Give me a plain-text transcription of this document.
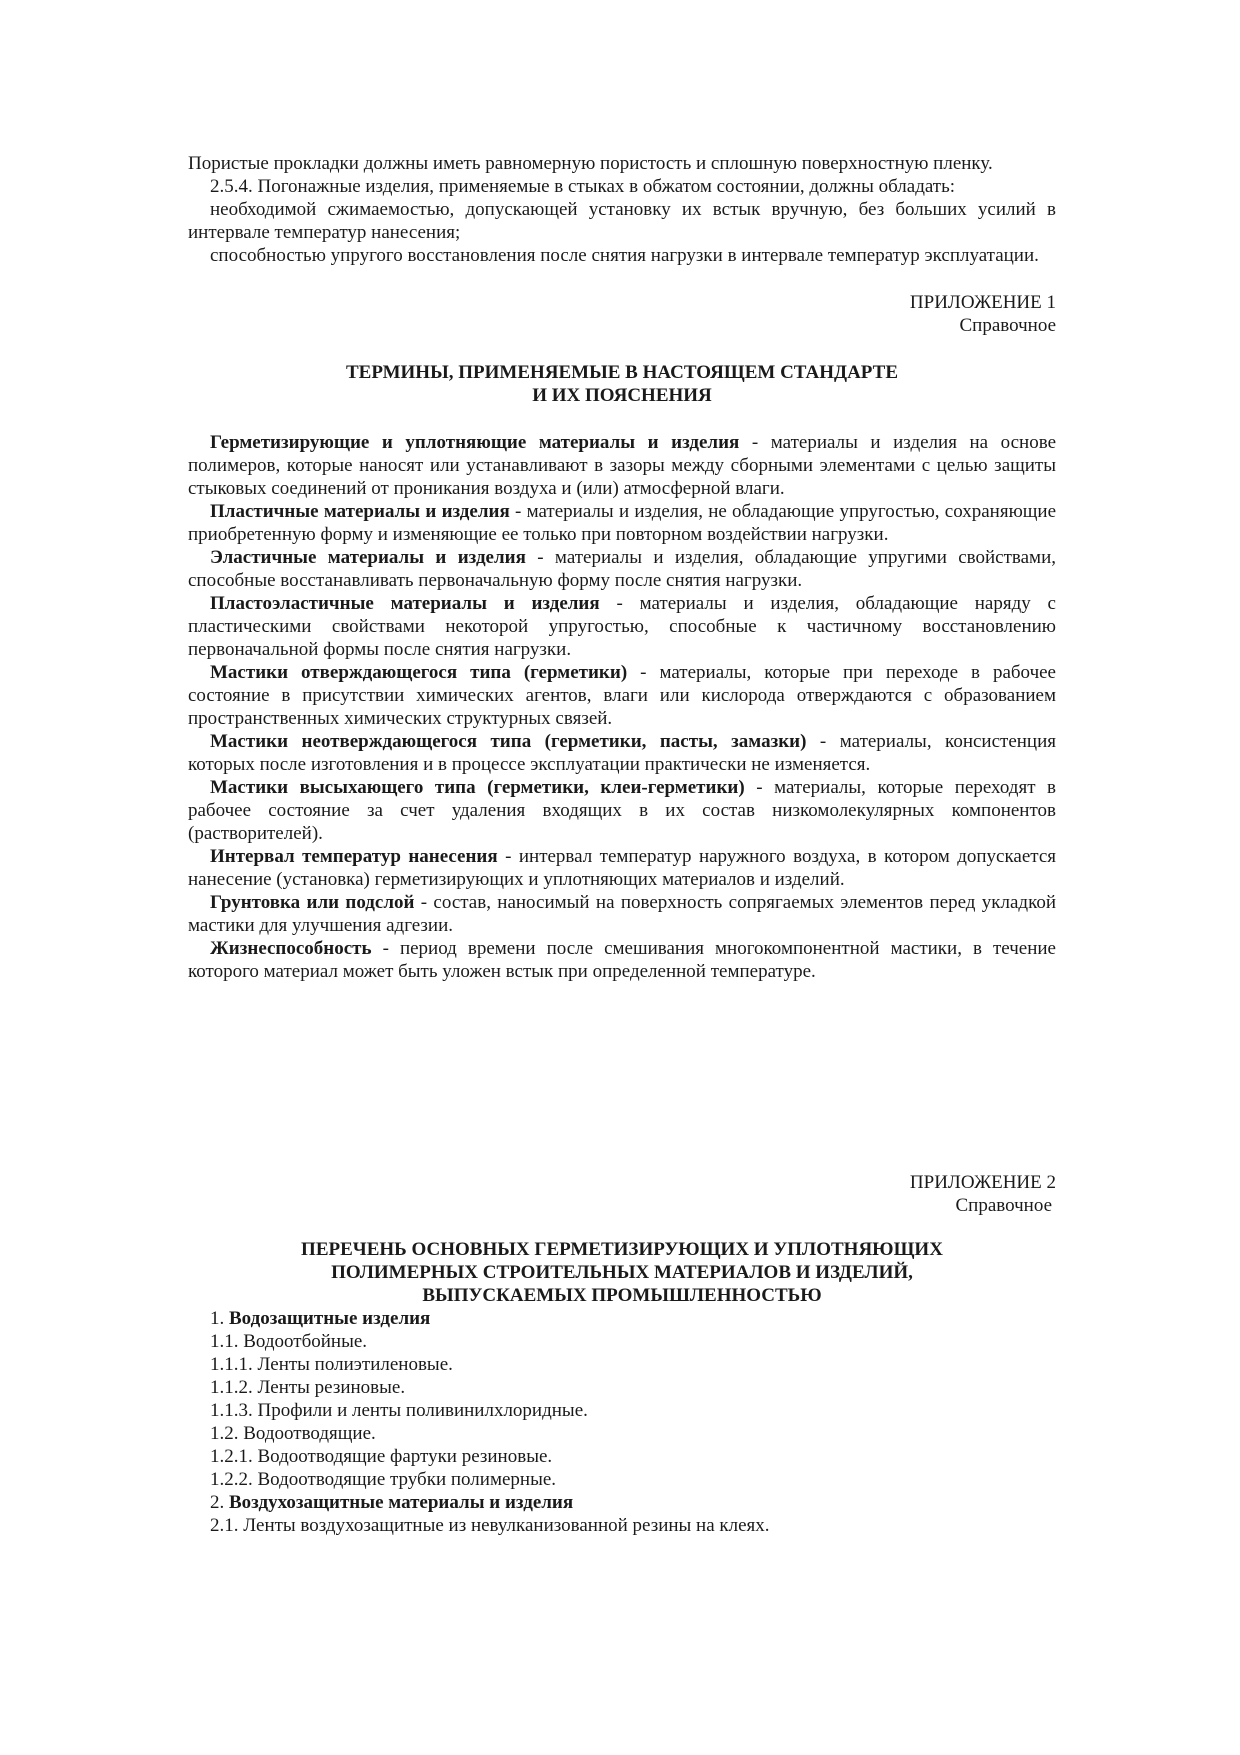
Пористые прокладки должны иметь равномерную пористость и сплошную поверхностную пленку.

2.5.4. Погонажные изделия, применяемые в стыках в обжатом состоянии, должны обладать:

необходимой сжимаемостью, допускающей установку их встык вручную, без больших усилий в интервале температур нанесения;

способностью упругого восстановления после снятия нагрузки в интервале температур эксплуатации.

ПРИЛОЖЕНИЕ 1

Справочное

ТЕРМИНЫ, ПРИМЕНЯЕМЫЕ В НАСТОЯЩЕМ СТАНДАРТЕ

И ИХ ПОЯСНЕНИЯ

Герметизирующие и уплотняющие материалы и изделия - материалы и изделия на основе полимеров, которые наносят или устанавливают в зазоры между сборными элементами с целью защиты стыковых соединений от проникания воздуха и (или) атмосферной влаги.

Пластичные материалы и изделия - материалы и изделия, не обладающие упругостью, сохраняющие приобретенную форму и изменяющие ее только при повторном воздействии нагрузки.

Эластичные материалы и изделия - материалы и изделия, обладающие упругими свойствами, способные восстанавливать первоначальную форму после снятия нагрузки.

Пластоэластичные материалы и изделия - материалы и изделия, обладающие наряду с пластическими свойствами некоторой упругостью, способные к частичному восстановлению первоначальной формы после снятия нагрузки.

Мастики отверждающегося типа (герметики) - материалы, которые при переходе в рабочее состояние в присутствии химических агентов, влаги или кислорода отверждаются с образованием пространственных химических структурных связей.

Мастики неотверждающегося типа (герметики, пасты, замазки) - материалы, консистенция которых после изготовления и в процессе эксплуатации практически не изменяется.

Мастики высыхающего типа (герметики, клеи-герметики) - материалы, которые переходят в рабочее состояние за счет удаления входящих в их состав низкомолекулярных компонентов (растворителей).

Интервал температур нанесения - интервал температур наружного воздуха, в котором допускается нанесение (установка) герметизирующих и уплотняющих материалов и изделий.

Грунтовка или подслой - состав, наносимый на поверхность сопрягаемых элементов перед укладкой мастики для улучшения адгезии.

Жизнеспособность - период времени после смешивания многокомпонентной мастики, в течение которого материал может быть уложен встык при определенной температуре.

ПРИЛОЖЕНИЕ 2

Справочное

ПЕРЕЧЕНЬ ОСНОВНЫХ ГЕРМЕТИЗИРУЮЩИХ И УПЛОТНЯЮЩИХ

ПОЛИМЕРНЫХ СТРОИТЕЛЬНЫХ МАТЕРИАЛОВ И ИЗДЕЛИЙ,

ВЫПУСКАЕМЫХ ПРОМЫШЛЕННОСТЬЮ

1. Водозащитные изделия

1.1. Водоотбойные.

1.1.1. Ленты полиэтиленовые.

1.1.2. Ленты резиновые.

1.1.3. Профили и ленты поливинилхлоридные.

1.2. Водоотводящие.

1.2.1. Водоотводящие фартуки резиновые.

1.2.2. Водоотводящие трубки полимерные.

2. Воздухозащитные материалы и изделия

2.1. Ленты воздухозащитные из невулканизованной резины на клеях.
